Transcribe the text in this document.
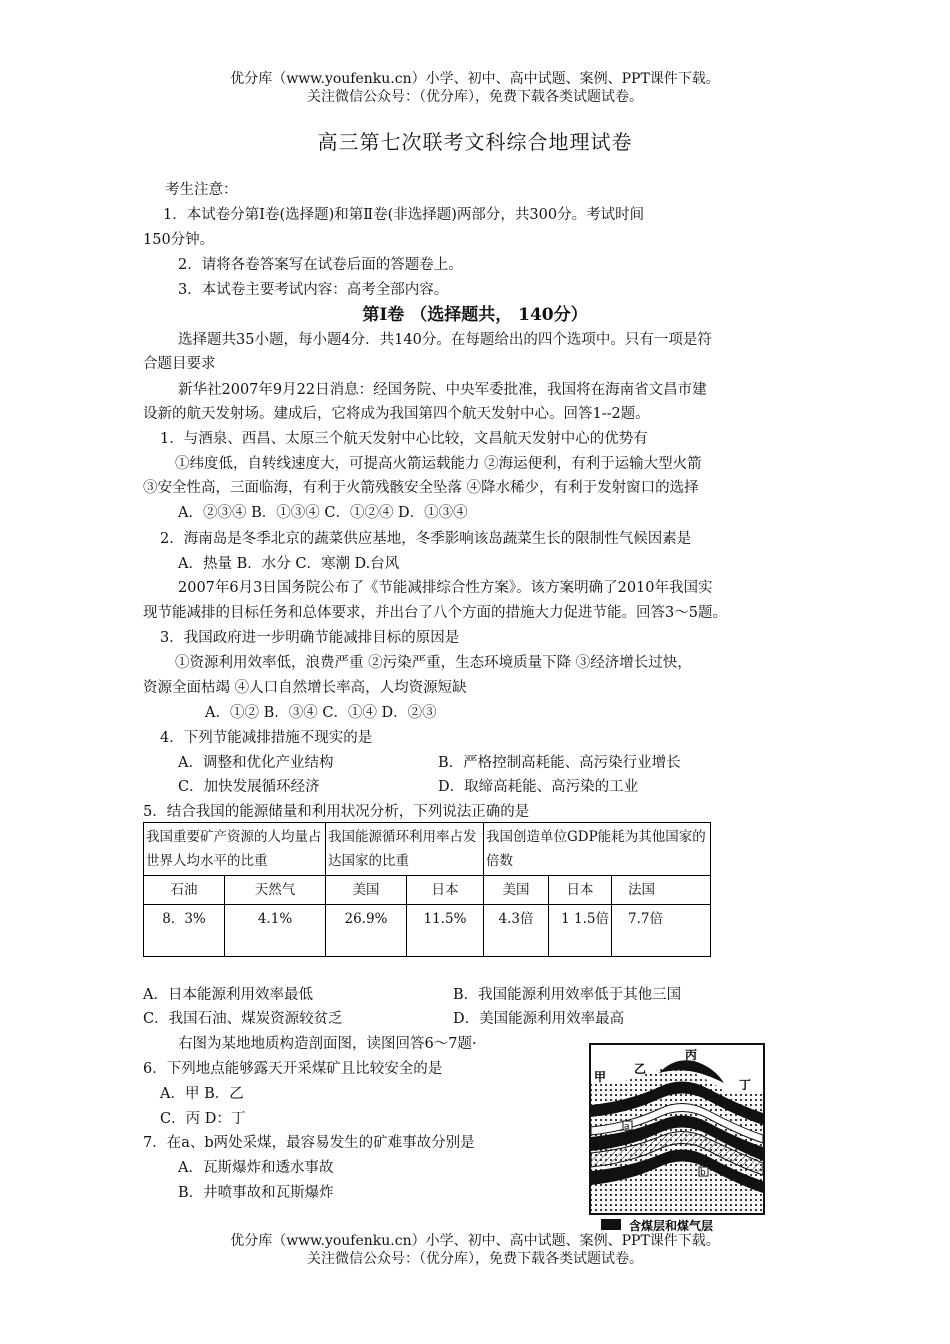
优分库（www.youfenku.cn）小学、初中、高中试题、案例、PPT课件下载。
关注微信公众号：（优分库），免费下载各类试题试卷。
高三第七次联考文科综合地理试卷
考生注意：
1．本试卷分第Ⅰ卷(选择题)和第Ⅱ卷(非选择题)两部分，共300分。考试时间
150分钟。
2．请将各卷答案写在试卷后面的答题卷上。
3．本试卷主要考试内容：高考全部内容。
第Ⅰ卷 （选择题共， 140分）
选择题共35小题，每小题4分．共140分。在每题给出的四个选项中。只有一项是符
合题目要求
新华社2007年9月22日消息：经国务院、中央军委批准，我国将在海南省文昌市建
设新的航天发射场。建成后，它将成为我国第四个航天发射中心。回答1--2题。
1．与酒泉、西昌、太原三个航天发射中心比较，文昌航天发射中心的优势有
①纬度低，自转线速度大，可提高火箭运载能力 ②海运便利，有利于运输大型火箭
③安全性高，三面临海，有利于火箭残骸安全坠落 ④降水稀少，有利于发射窗口的选择
A．②③④ B．①③④ C．①②④ D．①③④
2．海南岛是冬季北京的蔬菜供应基地，冬季影响该岛蔬菜生长的限制性气候因素是
A．热量 B．水分 C．寒潮 D.台风
2007年6月3日国务院公布了《节能减排综合性方案》。该方案明确了2010年我国实
现节能减排的目标任务和总体要求，并出台了八个方面的措施大力促进节能。回答3～5题。
3．我国政府进一步明确节能减排目标的原因是
①资源利用效率低，浪费严重 ②污染严重，生态环境质量下降 ③经济增长过快，
资源全面枯竭 ④人口自然增长率高，人均资源短缺
A．①② B．③④ C．①④ D．②③
4．下列节能减排措施不现实的是
A．调整和优化产业结构	B．严格控制高耗能、高污染行业增长
C．加快发展循环经济	D．取缔高耗能、高污染的工业
5．结合我国的能源储量和利用状况分析，下列说法正确的是
我国重要矿产资源的人均量占世界人均水平的比重		我国能源循环利用率占发达国家的比重		我国创造单位GDP能耗为其他国家的倍数		
石油	天然气	美国	日本	美国	日本	法国
8．3%	4.1%	26.9%	11.5%	4.3倍	1 1.5倍	7.7倍
A．日本能源利用效率最低	B．我国能源利用效率低于其他三国
C．我国石油、煤炭资源较贫乏	D．美国能源利用效率最高
右图为某地地质构造剖面图，读图回答6～7题·
6．下列地点能够露天开采煤矿且比较安全的是
A．甲 B．乙
C．丙 D：丁
7．在a、b两处采煤，最容易发生的矿难事故分别是
A．瓦斯爆炸和透水事故
B．井喷事故和瓦斯爆炸
a
b
甲
乙
丙
丁
含煤层和煤气层
优分库（www.youfenku.cn）小学、初中、高中试题、案例、PPT课件下载。
关注微信公众号：（优分库），免费下载各类试题试卷。
